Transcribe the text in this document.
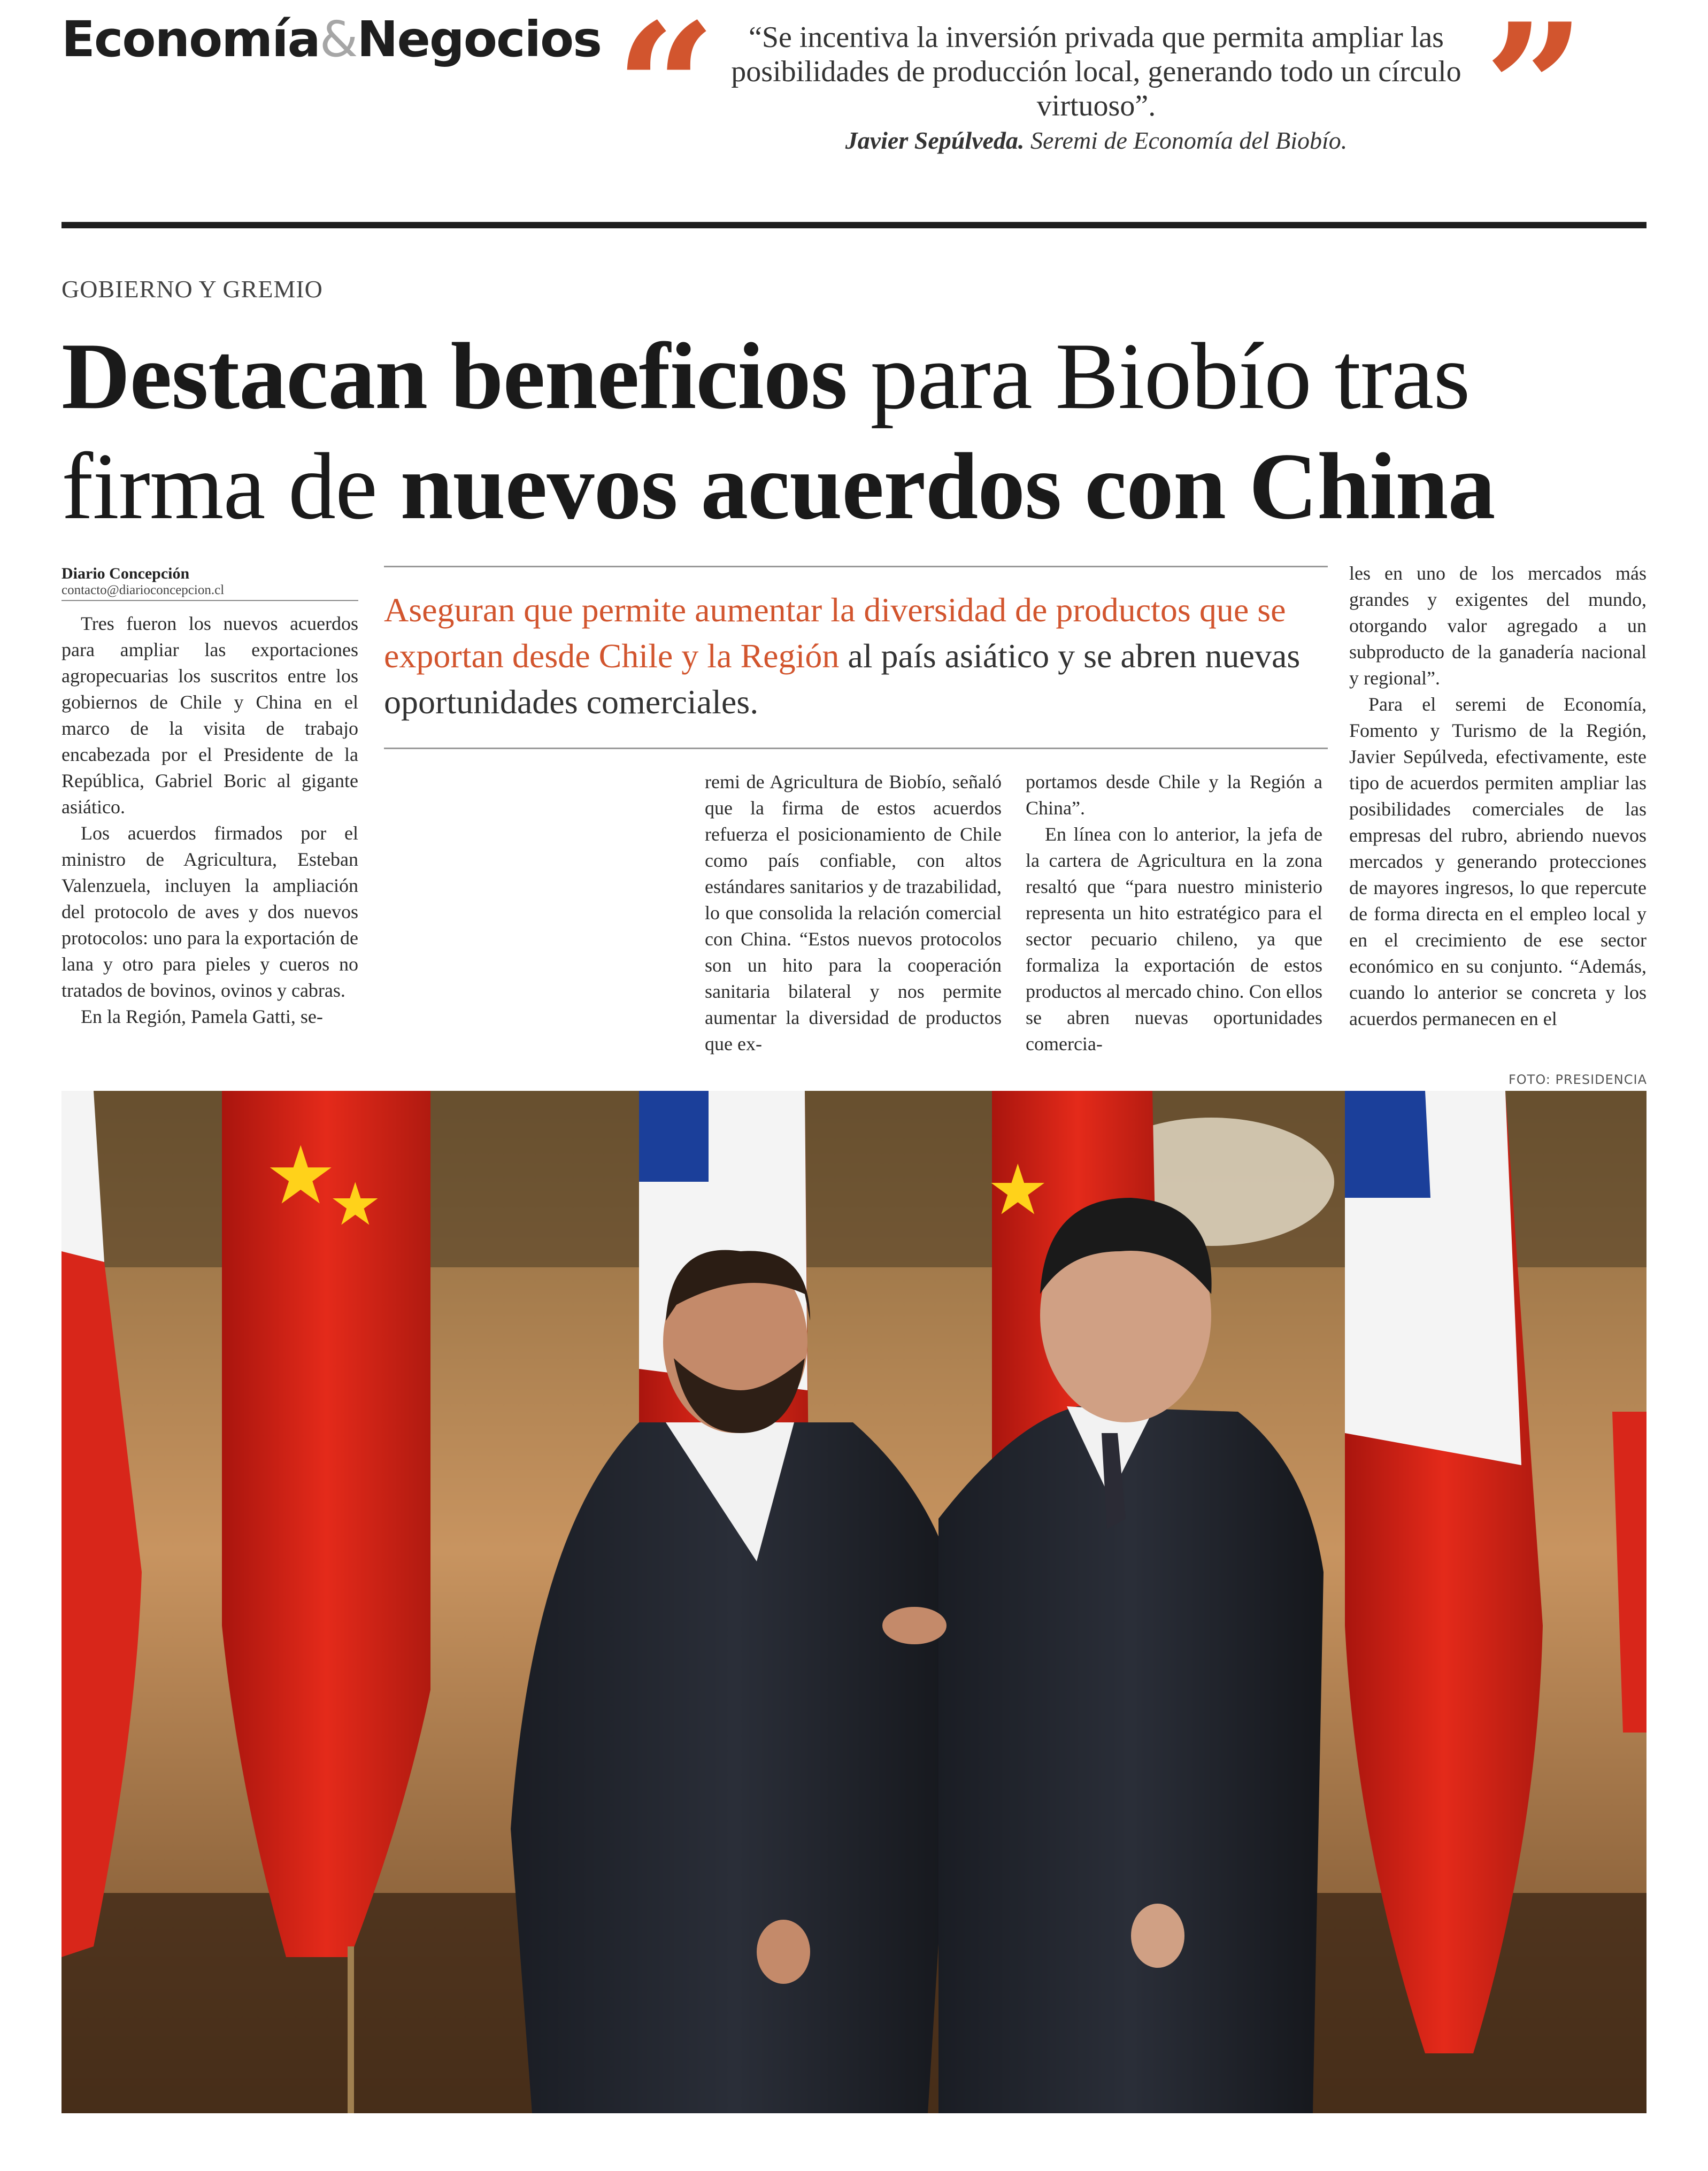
Economía&Negocios “	“Se incentiva la inversión privada que permita ampliar las posibilidades de producción local, generando todo un círculo virtuoso”.
Javier Sepúlveda. Seremi de Economía del Biobío. ”
GOBIERNO Y GREMIO
Destacan beneficios para Biobío tras
firma de nuevos acuerdos con China
Diario Concepción
contacto@diarioconcepcion.cl
Aseguran que permite aumentar la diversidad de productos que se exportan desde Chile y la Región al país asiático y se abren nuevas oportunidades comerciales.

Tres fueron los nuevos acuerdos para ampliar las exportaciones agropecuarias los suscritos entre los gobiernos de Chile y China en el marco de la visita de trabajo encabezada por el Presidente de la República, Gabriel Boric al gigante asiático.

Los acuerdos firmados por el ministro de Agricultura, Esteban Valenzuela, incluyen la ampliación del protocolo de aves y dos nuevos protocolos: uno para la exportación de lana y otro para pieles y cueros no tratados de bovinos, ovinos y cabras.

En la Región, Pamela Gatti, se-

remi de Agricultura de Biobío, señaló que la firma de estos acuerdos refuerza el posicionamiento de Chile como país confiable, con altos estándares sanitarios y de trazabilidad, lo que consolida la relación comercial con China. “Estos nuevos protocolos son un hito para la cooperación sanitaria bilateral y nos permite aumentar la diversidad de productos que ex-

portamos desde Chile y la Región a China”.

En línea con lo anterior, la jefa de la cartera de Agricultura en la zona resaltó que “para nuestro ministerio representa un hito estratégico para el sector pecuario chileno, ya que formaliza la exportación de estos productos al mercado chino. Con ellos se abren nuevas oportunidades comercia-

les en uno de los mercados más grandes y exigentes del mundo, otorgando valor agregado a un subproducto de la ganadería nacional y regional”.

Para el seremi de Economía, Fomento y Turismo de la Región, Javier Sepúlveda, efectivamente, este tipo de acuerdos permiten ampliar las posibilidades comerciales de las empresas del rubro, abriendo nuevos mercados y generando protecciones de mayores ingresos, lo que repercute de forma directa en el empleo local y en el crecimiento de ese sector económico en su conjunto. “Además, cuando lo anterior se concreta y los acuerdos permanecen en el

FOTO: PRESIDENCIA
★
★	★
